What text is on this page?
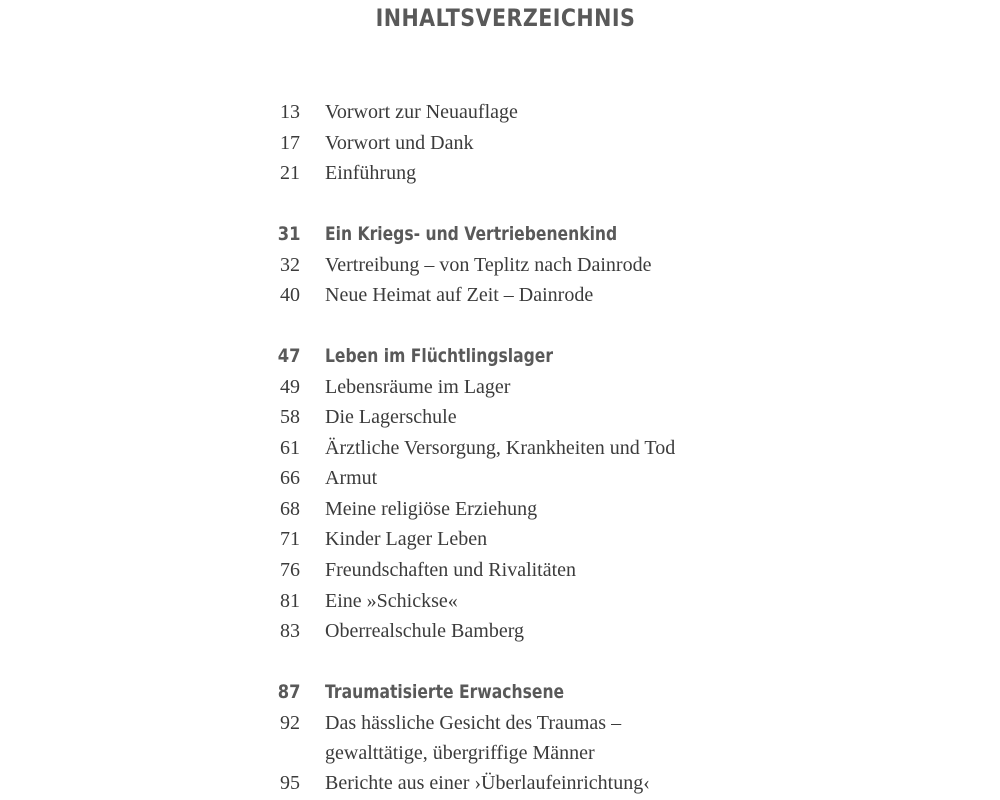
INHALTSVERZEICHNIS
13 Vorwort zur Neuauflage
17 Vorwort und Dank
21 Einführung
31 Ein Kriegs- und Vertriebenenkind
32 Vertreibung – von Teplitz nach Dainrode
40 Neue Heimat auf Zeit – Dainrode
47 Leben im Flüchtlingslager
49 Lebensräume im Lager
58 Die Lagerschule
61 Ärztliche Versorgung, Krankheiten und Tod
66 Armut
68 Meine religiöse Erziehung
71 Kinder Lager Leben
76 Freundschaften und Rivalitäten
81 Eine »Schickse«
83 Oberrealschule Bamberg
87 Traumatisierte Erwachsene
92 Das hässliche Gesicht des Traumas –
gewalttätige, übergriffige Männer
95 Berichte aus einer ›Überlaufeinrichtung‹
